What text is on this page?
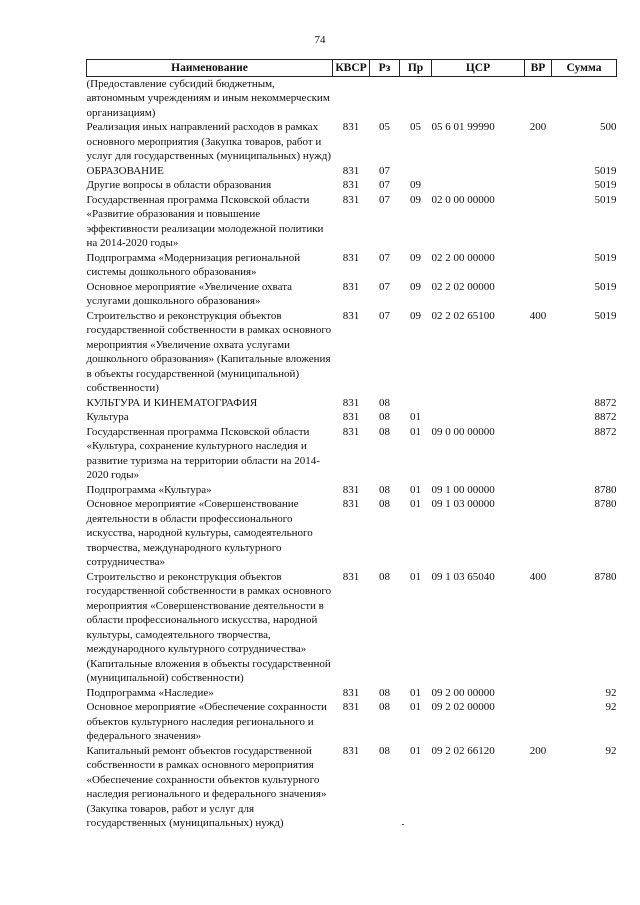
74
Наименование	КВСР	Рз	Пр	ЦСР	ВР	Сумма
(Предоставление субсидий бюджетным, автономным учреждениям и иным некоммерческим организациям)						
Реализация иных направлений расходов в рамках основного мероприятия (Закупка товаров, работ и услуг для государственных (муниципальных) нужд)	831	05	05	05 6 01 99990	200	500
ОБРАЗОВАНИЕ	831	07				5019
Другие вопросы в области образования	831	07	09			5019
Государственная программа Псковской области «Развитие образования и повышение эффективности реализации молодежной политики на 2014-2020 годы»	831	07	09	02 0 00 00000		5019
Подпрограмма «Модернизация региональной системы дошкольного образования»	831	07	09	02 2 00 00000		5019
Основное мероприятие «Увеличение охвата услугами дошкольного образования»	831	07	09	02 2 02 00000		5019
Строительство и реконструкция объектов государственной собственности в рамках основного мероприятия «Увеличение охвата услугами дошкольного образования» (Капитальные вложения в объекты государственной (муниципальной) собственности)	831	07	09	02 2 02 65100	400	5019
КУЛЬТУРА И КИНЕМАТОГРАФИЯ	831	08				8872
Культура	831	08	01			8872
Государственная программа Псковской области «Культура, сохранение культурного наследия и развитие туризма на территории области на 2014-2020 годы»	831	08	01	09 0 00 00000		8872
Подпрограмма «Культура»	831	08	01	09 1 00 00000		8780
Основное мероприятие «Совершенствование деятельности в области профессионального искусства, народной культуры, самодеятельного творчества, международного культурного сотрудничества»	831	08	01	09 1 03 00000		8780
Строительство и реконструкция объектов государственной собственности в рамках основного мероприятия «Совершенствование деятельности в области профессионального искусства, народной культуры, самодеятельного творчества, международного культурного сотрудничества» (Капитальные вложения в объекты государственной (муниципальной) собственности)	831	08	01	09 1 03 65040	400	8780
Подпрограмма «Наследие»	831	08	01	09 2 00 00000		92
Основное мероприятие «Обеспечение сохранности объектов культурного наследия регионального и федерального значения»	831	08	01	09 2 02 00000		92
Капитальный ремонт объектов государственной собственности в рамках основного мероприятия «Обеспечение сохранности объектов культурного наследия регионального и федерального значения» (Закупка товаров, работ и услуг для государственных (муниципальных) нужд)	831	08	01	09 2 02 66120	200	92
